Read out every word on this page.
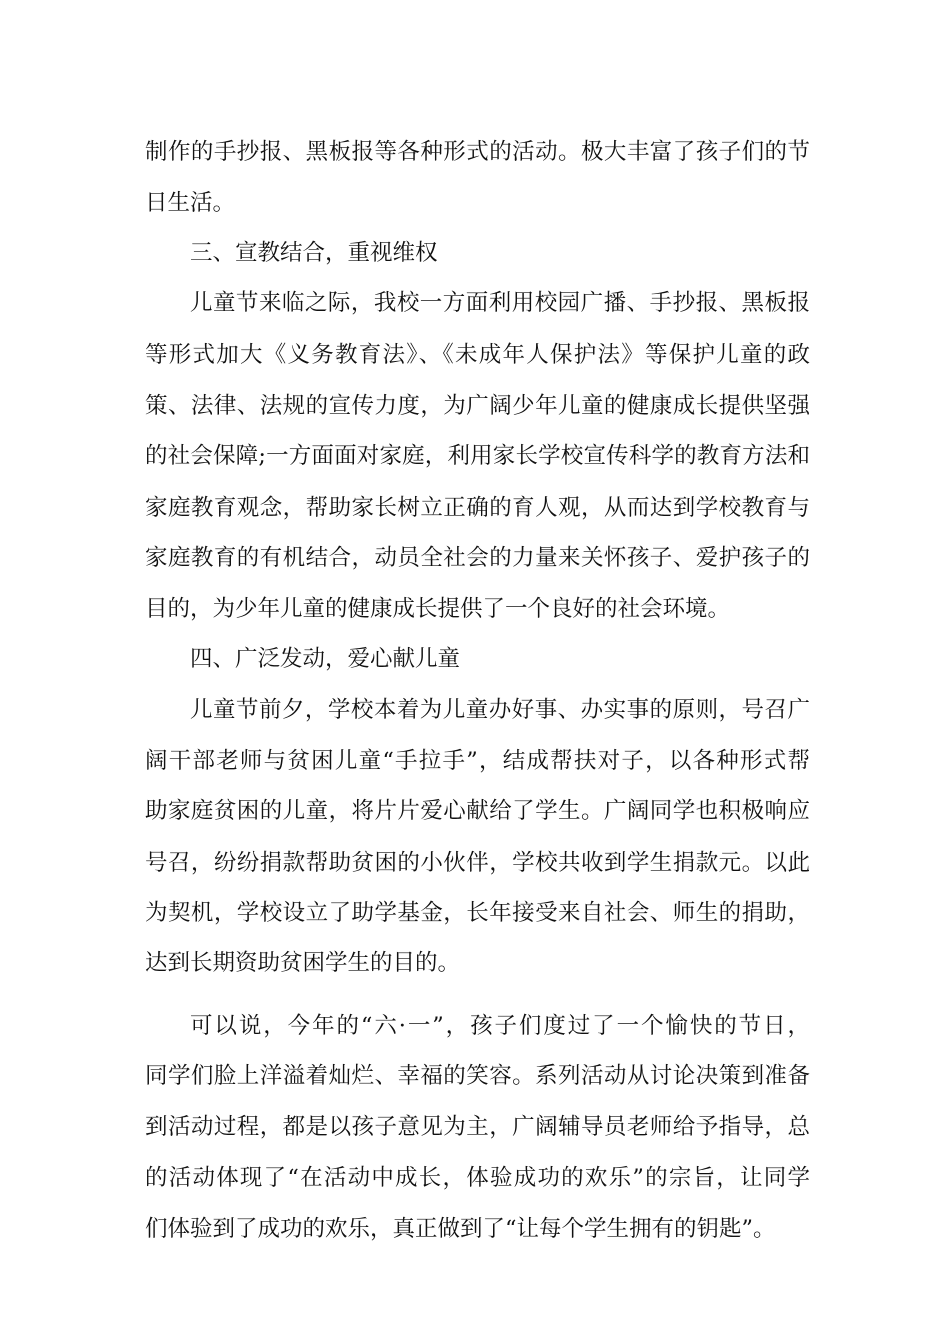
制作的手抄报、黑板报等各种形式的活动。极大丰富了孩子们的节
日生活。
三、宣教结合，重视维权
儿童节来临之际，我校一方面利用校园广播、手抄报、黑板报
等形式加大《义务教育法》、《未成年人保护法》等保护儿童的政
策、法律、法规的宣传力度，为广阔少年儿童的健康成长提供坚强
的社会保障;一方面面对家庭，利用家长学校宣传科学的教育方法和
家庭教育观念，帮助家长树立正确的育人观，从而达到学校教育与
家庭教育的有机结合，动员全社会的力量来关怀孩子、爱护孩子的
目的，为少年儿童的健康成长提供了一个良好的社会环境。
四、广泛发动，爱心献儿童
儿童节前夕，学校本着为儿童办好事、办实事的原则，号召广
阔干部老师与贫困儿童“手拉手”，结成帮扶对子，以各种形式帮
助家庭贫困的儿童，将片片爱心献给了学生。广阔同学也积极响应
号召，纷纷捐款帮助贫困的小伙伴，学校共收到学生捐款元。以此
为契机，学校设立了助学基金，长年接受来自社会、师生的捐助，
达到长期资助贫困学生的目的。
可以说，今年的“六·一”，孩子们度过了一个愉快的节日，
同学们脸上洋溢着灿烂、幸福的笑容。系列活动从讨论决策到准备
到活动过程，都是以孩子意见为主，广阔辅导员老师给予指导，总
的活动体现了“在活动中成长，体验成功的欢乐”的宗旨，让同学
们体验到了成功的欢乐，真正做到了“让每个学生拥有的钥匙”。
